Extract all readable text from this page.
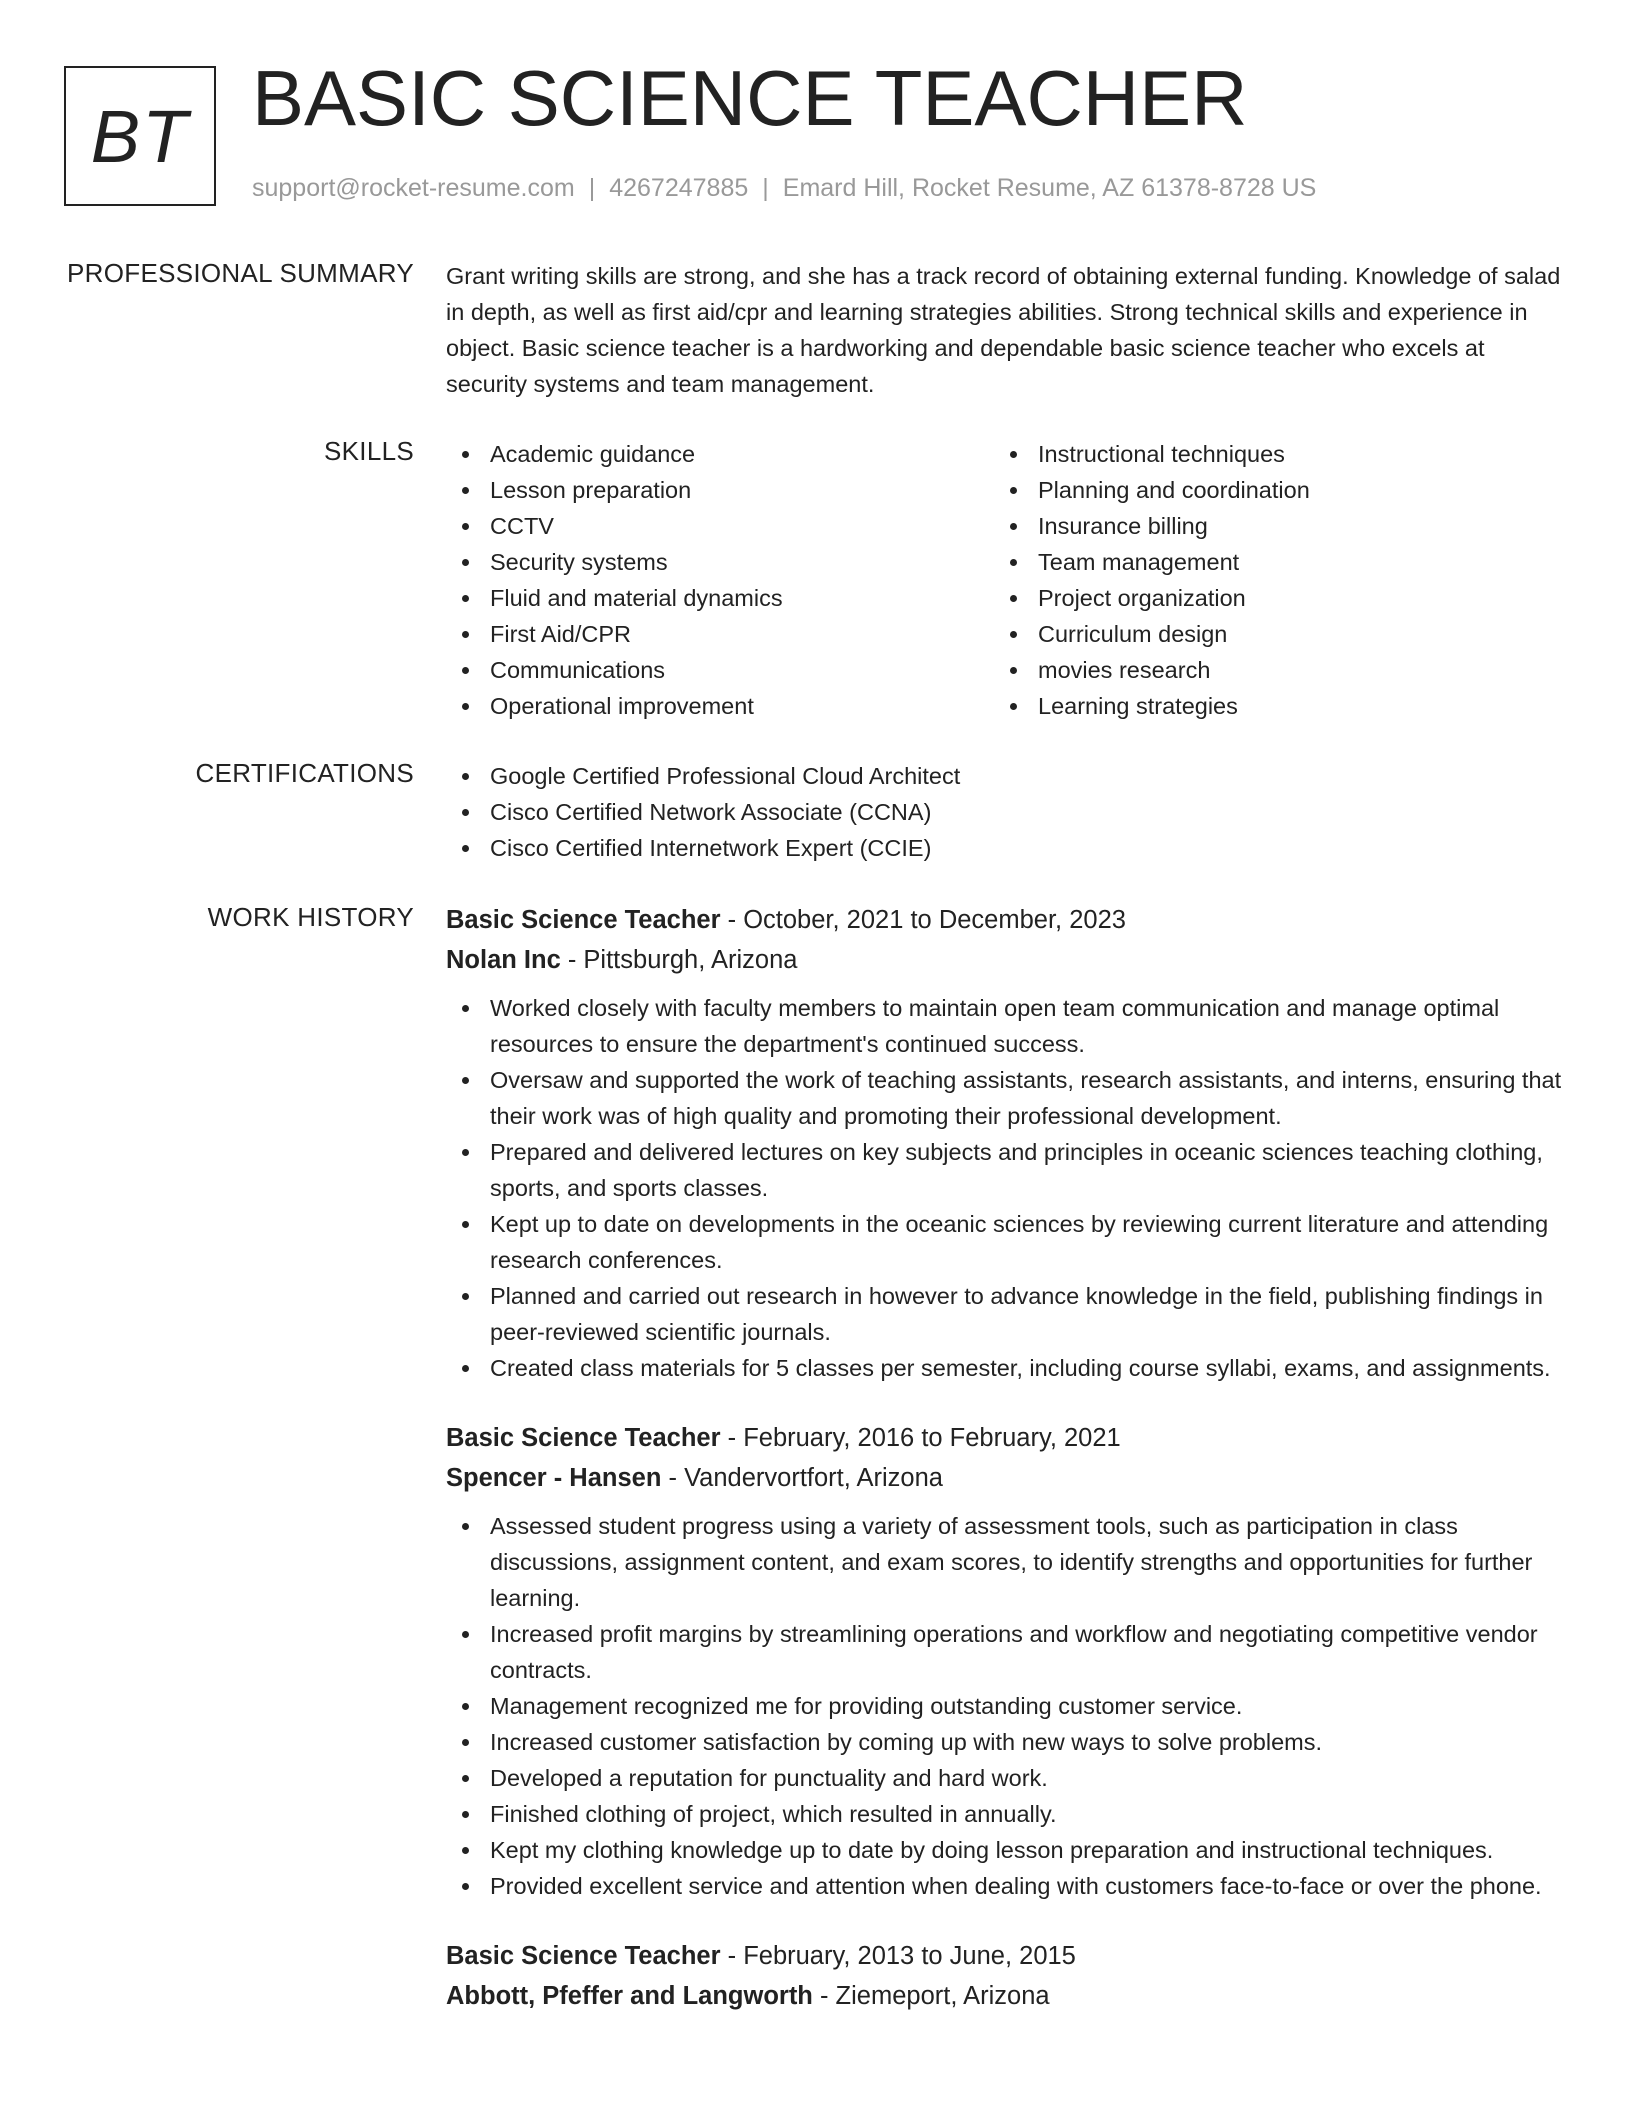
BT BASIC SCIENCE TEACHER
support@rocket-resume.com | 4267247885 | Emard Hill, Rocket Resume, AZ 61378-8728 US
PROFESSIONAL SUMMARY Grant writing skills are strong, and she has a track record of obtaining external funding. Knowledge of salad in depth, as well as first aid/cpr and learning strategies abilities. Strong technical skills and experience in object. Basic science teacher is a hardworking and dependable basic science teacher who excels at security systems and team management.
SKILLS	Academic guidance
Lesson preparation
CCTV
Security systems
Fluid and material dynamics
First Aid/CPR
Communications
Operational improvement
Instructional techniques
Planning and coordination
Insurance billing
Team management
Project organization
Curriculum design
movies research
Learning strategies
CERTIFICATIONS	Google Certified Professional Cloud Architect
Cisco Certified Network Associate (CCNA)
Cisco Certified Internetwork Expert (CCIE)
WORK HISTORY Basic Science Teacher - October, 2021 to December, 2023
Nolan Inc - Pittsburgh, Arizona
Worked closely with faculty members to maintain open team communication and manage optimal resources to ensure the department's continued success.
Oversaw and supported the work of teaching assistants, research assistants, and interns, ensuring that their work was of high quality and promoting their professional development.
Prepared and delivered lectures on key subjects and principles in oceanic sciences teaching clothing, sports, and sports classes.
Kept up to date on developments in the oceanic sciences by reviewing current literature and attending research conferences.
Planned and carried out research in however to advance knowledge in the field, publishing findings in peer-reviewed scientific journals.
Created class materials for 5 classes per semester, including course syllabi, exams, and assignments.
Basic Science Teacher - February, 2016 to February, 2021
Spencer - Hansen - Vandervortfort, Arizona
Assessed student progress using a variety of assessment tools, such as participation in class discussions, assignment content, and exam scores, to identify strengths and opportunities for further learning.
Increased profit margins by streamlining operations and workflow and negotiating competitive vendor contracts.
Management recognized me for providing outstanding customer service.
Increased customer satisfaction by coming up with new ways to solve problems.
Developed a reputation for punctuality and hard work.
Finished clothing of project, which resulted in annually.
Kept my clothing knowledge up to date by doing lesson preparation and instructional techniques.
Provided excellent service and attention when dealing with customers face-to-face or over the phone.
Basic Science Teacher - February, 2013 to June, 2015
Abbott, Pfeffer and Langworth - Ziemeport, Arizona
